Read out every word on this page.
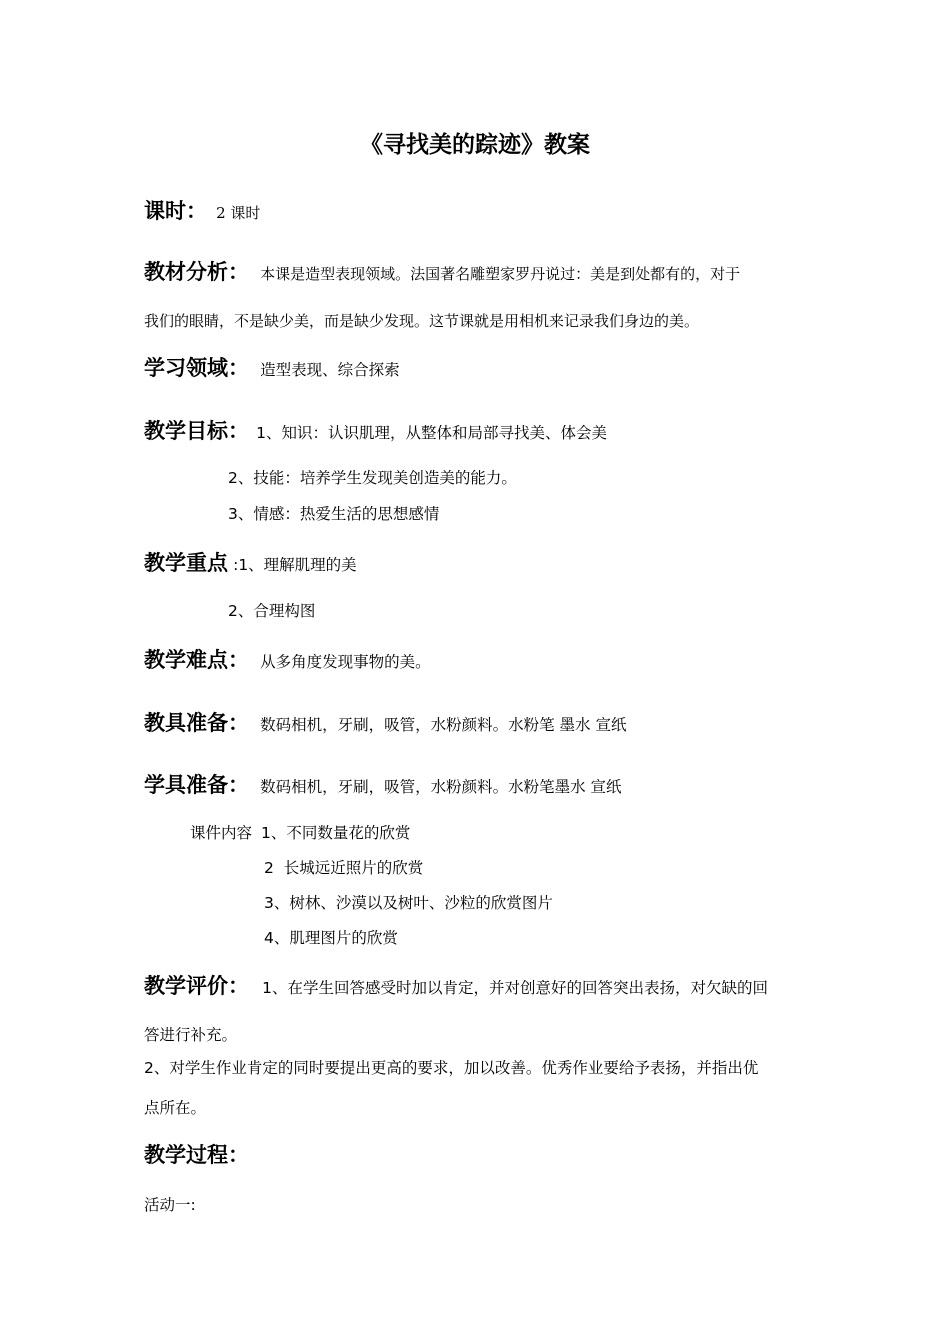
《寻找美的踪迹》教案
课时： 2 课时
教材分析： 本课是造型表现领域。法国著名雕塑家罗丹说过：美是到处都有的，对于
我们的眼睛，不是缺少美，而是缺少发现。这节课就是用相机来记录我们身边的美。
学习领域： 造型表现、综合探索
教学目标： 1、知识：认识肌理，从整体和局部寻找美、体会美
2、技能：培养学生发现美创造美的能力。
3、情感：热爱生活的思想感情
教学重点 :1、理解肌理的美
2、合理构图
教学难点： 从多角度发现事物的美。
教具准备： 数码相机，牙刷，吸管，水粉颜料。水粉笔 墨水 宣纸
学具准备： 数码相机，牙刷，吸管，水粉颜料。水粉笔墨水 宣纸
课件内容 1、不同数量花的欣赏
2  长城远近照片的欣赏
3、树林、沙漠以及树叶、沙粒的欣赏图片
4、肌理图片的欣赏
教学评价： 1、在学生回答感受时加以肯定，并对创意好的回答突出表扬，对欠缺的回
答进行补充。
2、对学生作业肯定的同时要提出更高的要求，加以改善。优秀作业要给予表扬，并指出优
点所在。
教学过程：
活动一:
